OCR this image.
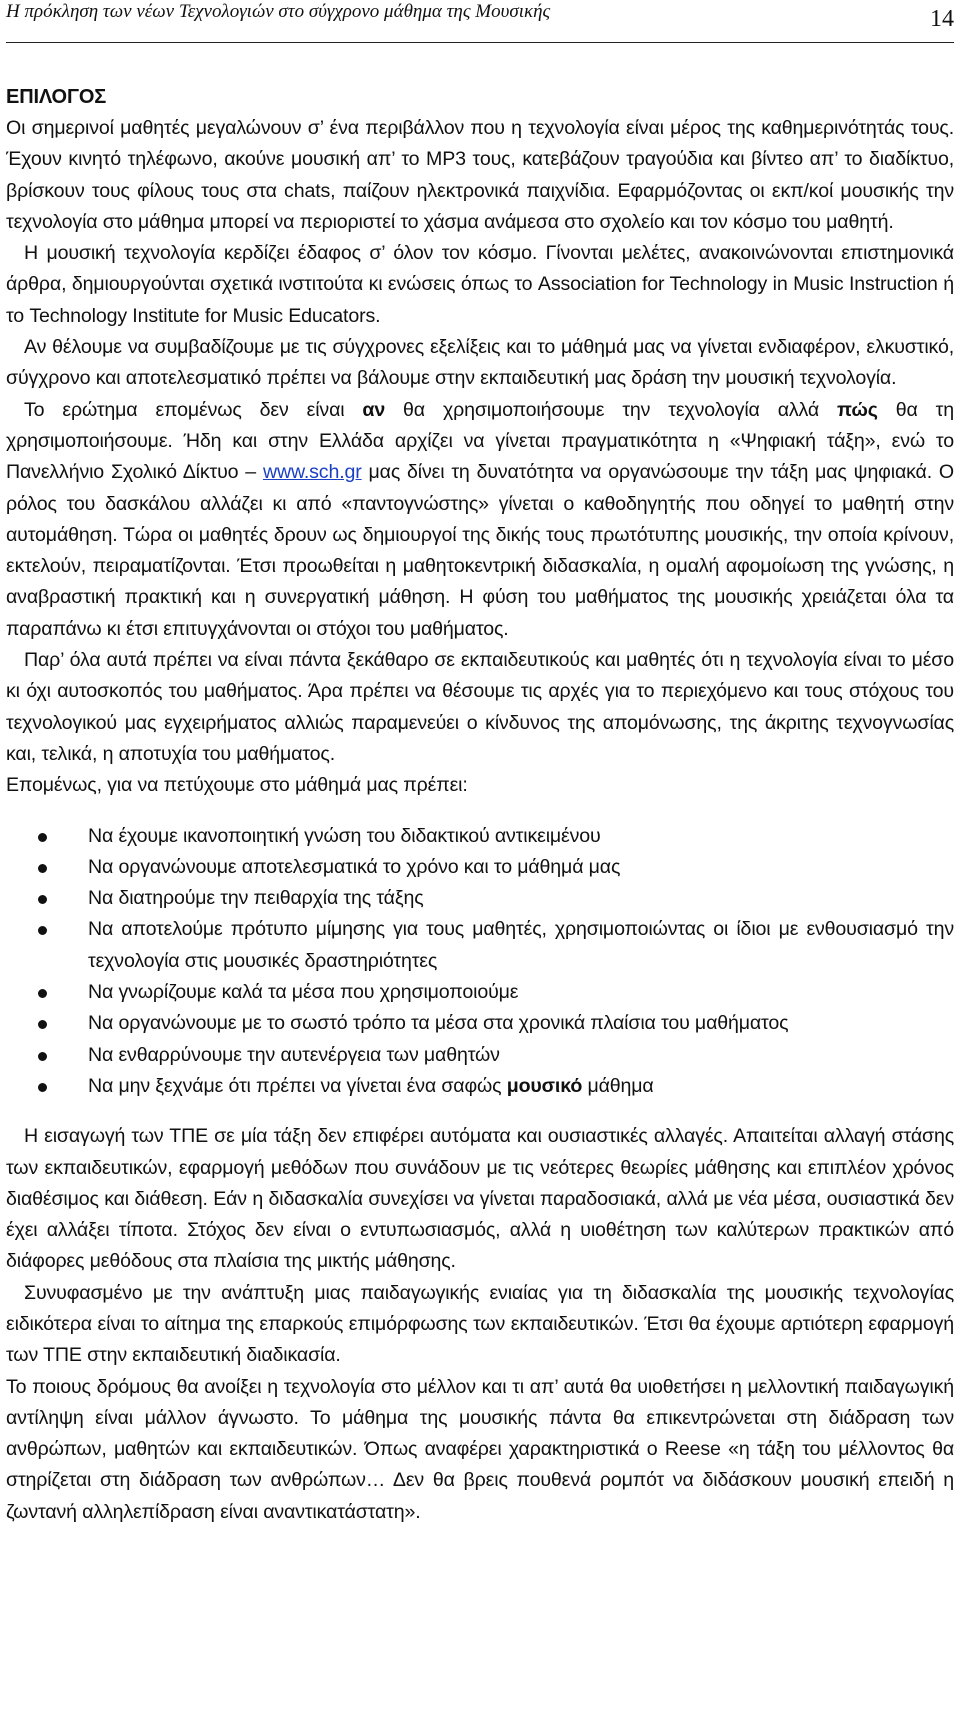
Η πρόκληση των νέων Τεχνολογιών στο σύγχρονο μάθημα της Μουσικής	14
ΕΠΙΛΟΓΟΣ

Οι σημερινοί μαθητές μεγαλώνουν σ’ ένα περιβάλλον που η τεχνολογία είναι μέρος της καθημερινότητάς τους. Έχουν κινητό τηλέφωνο, ακούνε μουσική απ’ το MP3 τους, κατεβάζουν τραγούδια και βίντεο απ’ το διαδίκτυο, βρίσκουν τους φίλους τους στα chats, παίζουν ηλεκτρονικά παιχνίδια. Εφαρμόζοντας οι εκπ/κοί μουσικής την τεχνολογία στο μάθημα μπορεί να περιοριστεί το χάσμα ανάμεσα στο σχολείο και τον κόσμο του μαθητή.

Η μουσική τεχνολογία κερδίζει έδαφος σ’ όλον τον κόσμο. Γίνονται μελέτες, ανακοινώνονται επιστημονικά άρθρα, δημιουργούνται σχετικά ινστιτούτα κι ενώσεις όπως το Association for Technology in Music Instruction ή το Technology Institute for Music Educators.

Αν θέλουμε να συμβαδίζουμε με τις σύγχρονες εξελίξεις και το μάθημά μας να γίνεται ενδιαφέρον, ελκυστικό, σύγχρονο και αποτελεσματικό πρέπει να βάλουμε στην εκπαιδευτική μας δράση την μουσική τεχνολογία.

Το ερώτημα επομένως δεν είναι αν θα χρησιμοποιήσουμε την τεχνολογία αλλά πώς θα τη χρησιμοποιήσουμε. Ήδη και στην Ελλάδα αρχίζει να γίνεται πραγματικότητα η «Ψηφιακή τάξη», ενώ το Πανελλήνιο Σχολικό Δίκτυο – www.sch.gr μας δίνει τη δυνατότητα να οργανώσουμε την τάξη μας ψηφιακά. Ο ρόλος του δασκάλου αλλάζει κι από «παντογνώστης» γίνεται ο καθοδηγητής που οδηγεί το μαθητή στην αυτομάθηση. Τώρα οι μαθητές δρουν ως δημιουργοί της δικής τους πρωτότυπης μουσικής, την οποία κρίνουν, εκτελούν, πειραματίζονται. Έτσι προωθείται η μαθητοκεντρική διδασκαλία, η ομαλή αφομοίωση της γνώσης, η αναβραστική πρακτική και η συνεργατική μάθηση. Η φύση του μαθήματος της μουσικής χρειάζεται όλα τα παραπάνω κι έτσι επιτυγχάνονται οι στόχοι του μαθήματος.

Παρ’ όλα αυτά πρέπει να είναι πάντα ξεκάθαρο σε εκπαιδευτικούς και μαθητές ότι η τεχνολογία είναι το μέσο κι όχι αυτοσκοπός του μαθήματος. Άρα πρέπει να θέσουμε τις αρχές για το περιεχόμενο και τους στόχους του τεχνολογικού μας εγχειρήματος αλλιώς παραμενεύει ο κίνδυνος της απομόνωσης, της άκριτης τεχνογνωσίας και, τελικά, η αποτυχία του μαθήματος.

Επομένως, για να πετύχουμε στο μάθημά μας πρέπει:

Να έχουμε ικανοποιητική γνώση του διδακτικού αντικειμένου
Να οργανώνουμε αποτελεσματικά το χρόνο και το μάθημά μας
Να διατηρούμε την πειθαρχία της τάξης
Να αποτελούμε πρότυπο μίμησης για τους μαθητές, χρησιμοποιώντας οι ίδιοι με ενθουσιασμό την τεχνολογία στις μουσικές δραστηριότητες
Να γνωρίζουμε καλά τα μέσα που χρησιμοποιούμε
Να οργανώνουμε με το σωστό τρόπο τα μέσα στα χρονικά πλαίσια του μαθήματος
Να ενθαρρύνουμε την αυτενέργεια των μαθητών
Να μην ξεχνάμε ότι πρέπει να γίνεται ένα σαφώς μουσικό μάθημα

Η εισαγωγή των ΤΠΕ σε μία τάξη δεν επιφέρει αυτόματα και ουσιαστικές αλλαγές. Απαιτείται αλλαγή στάσης των εκπαιδευτικών, εφαρμογή μεθόδων που συνάδουν με τις νεότερες θεωρίες μάθησης και επιπλέον χρόνος διαθέσιμος και διάθεση. Εάν η διδασκαλία συνεχίσει να γίνεται παραδοσιακά, αλλά με νέα μέσα, ουσιαστικά δεν έχει αλλάξει τίποτα. Στόχος δεν είναι ο εντυπωσιασμός, αλλά η υιοθέτηση των καλύτερων πρακτικών από διάφορες μεθόδους στα πλαίσια της μικτής μάθησης.

Συνυφασμένο με την ανάπτυξη μιας παιδαγωγικής ενιαίας για τη διδασκαλία της μουσικής τεχνολογίας ειδικότερα είναι το αίτημα της επαρκούς επιμόρφωσης των εκπαιδευτικών. Έτσι θα έχουμε αρτιότερη εφαρμογή των ΤΠΕ στην εκπαιδευτική διαδικασία.

Το ποιους δρόμους θα ανοίξει η τεχνολογία στο μέλλον και τι απ’ αυτά θα υιοθετήσει η μελλοντική παιδαγωγική αντίληψη είναι μάλλον άγνωστο. Το μάθημα της μουσικής πάντα θα επικεντρώνεται στη διάδραση των ανθρώπων, μαθητών και εκπαιδευτικών. Όπως αναφέρει χαρακτηριστικά ο Reese «η τάξη του μέλλοντος θα στηρίζεται στη διάδραση των ανθρώπων… Δεν θα βρεις πουθενά ρομπότ να διδάσκουν μουσική επειδή η ζωντανή αλληλεπίδραση είναι αναντικατάστατη».
